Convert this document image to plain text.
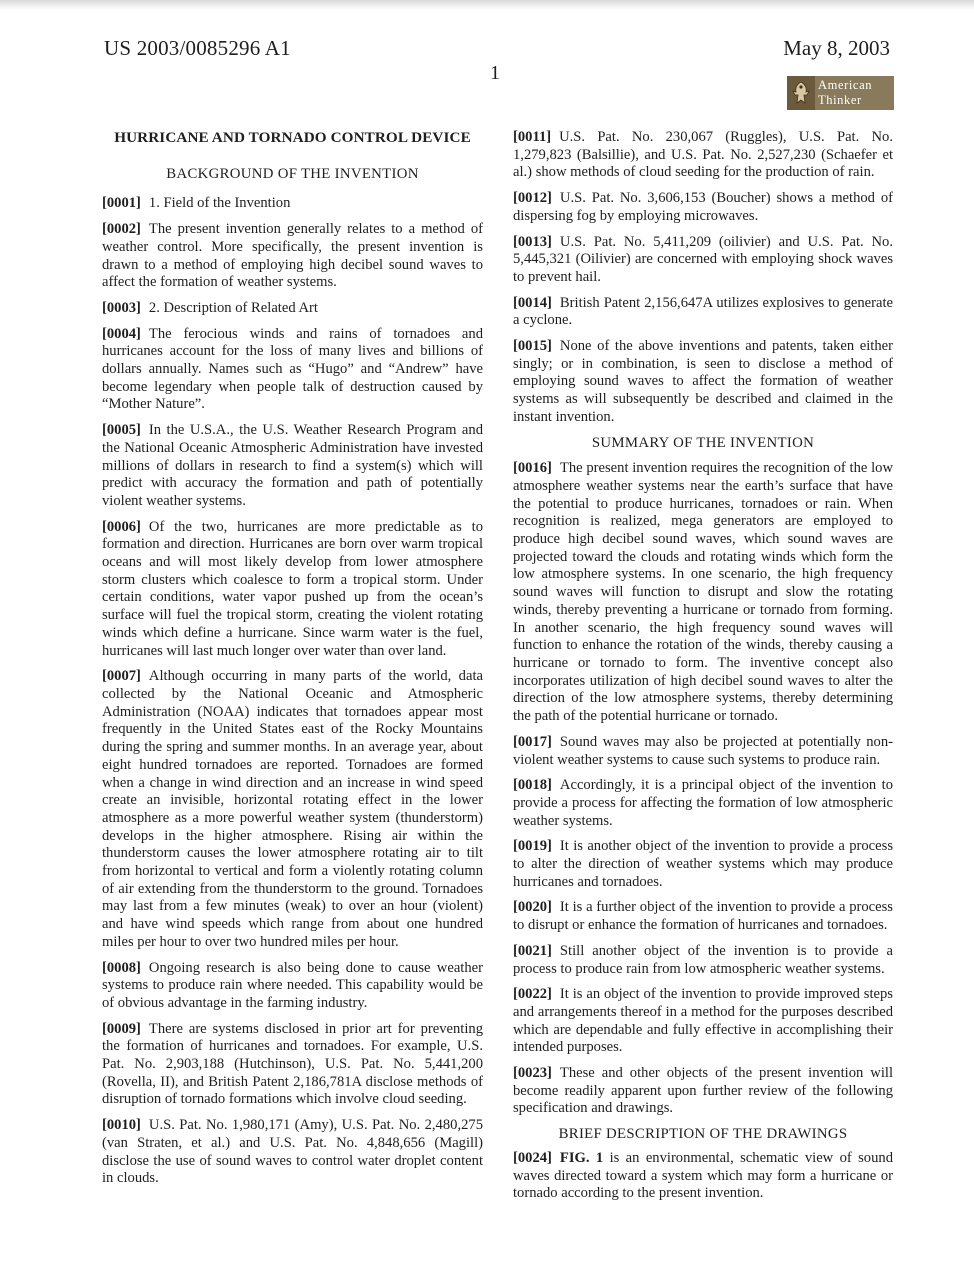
US 2003/0085296 A1	May 8, 2003
1
American
Thinker
HURRICANE AND TORNADO CONTROL DEVICE
BACKGROUND OF THE INVENTION

[0001] 1. Field of the Invention

[0002] The present invention generally relates to a method of weather control. More specifically, the present invention is drawn to a method of employing high decibel sound waves to affect the formation of weather systems.

[0003] 2. Description of Related Art

[0004] The ferocious winds and rains of tornadoes and hurricanes account for the loss of many lives and billions of dollars annually. Names such as “Hugo” and “Andrew” have become legendary when people talk of destruction caused by “Mother Nature”.

[0005] In the U.S.A., the U.S. Weather Research Program and the National Oceanic Atmospheric Administration have invested millions of dollars in research to find a system(s) which will predict with accuracy the formation and path of potentially violent weather systems.

[0006] Of the two, hurricanes are more predictable as to formation and direction. Hurricanes are born over warm tropical oceans and will most likely develop from lower atmosphere storm clusters which coalesce to form a tropical storm. Under certain conditions, water vapor pushed up from the ocean’s surface will fuel the tropical storm, creating the violent rotating winds which define a hurricane. Since warm water is the fuel, hurricanes will last much longer over water than over land.

[0007] Although occurring in many parts of the world, data collected by the National Oceanic and Atmospheric Administration (NOAA) indicates that tornadoes appear most frequently in the United States east of the Rocky Mountains during the spring and summer months. In an average year, about eight hundred tornadoes are reported. Tornadoes are formed when a change in wind direction and an increase in wind speed create an invisible, horizontal rotating effect in the lower atmosphere as a more powerful weather system (thunderstorm) develops in the higher atmosphere. Rising air within the thunderstorm causes the lower atmosphere rotating air to tilt from horizontal to vertical and form a violently rotating column of air extending from the thunderstorm to the ground. Tornadoes may last from a few minutes (weak) to over an hour (violent) and have wind speeds which range from about one hundred miles per hour to over two hundred miles per hour.

[0008] Ongoing research is also being done to cause weather systems to produce rain where needed. This capability would be of obvious advantage in the farming industry.

[0009] There are systems disclosed in prior art for preventing the formation of hurricanes and tornadoes. For example, U.S. Pat. No. 2,903,188 (Hutchinson), U.S. Pat. No. 5,441,200 (Rovella, II), and British Patent 2,186,781A disclose methods of disruption of tornado formations which involve cloud seeding.

[0010] U.S. Pat. No. 1,980,171 (Amy), U.S. Pat. No. 2,480,275 (van Straten, et al.) and U.S. Pat. No. 4,848,656 (Magill) disclose the use of sound waves to control water droplet content in clouds.

[0011] U.S. Pat. No. 230,067 (Ruggles), U.S. Pat. No. 1,279,823 (Balsillie), and U.S. Pat. No. 2,527,230 (Schaefer et al.) show methods of cloud seeding for the production of rain.

[0012] U.S. Pat. No. 3,606,153 (Boucher) shows a method of dispersing fog by employing microwaves.

[0013] U.S. Pat. No. 5,411,209 (oilivier) and U.S. Pat. No. 5,445,321 (Oilivier) are concerned with employing shock waves to prevent hail.

[0014] British Patent 2,156,647A utilizes explosives to generate a cyclone.

[0015] None of the above inventions and patents, taken either singly; or in combination, is seen to disclose a method of employing sound waves to affect the formation of weather systems as will subsequently be described and claimed in the instant invention.

SUMMARY OF THE INVENTION

[0016] The present invention requires the recognition of the low atmosphere weather systems near the earth’s surface that have the potential to produce hurricanes, tornadoes or rain. When recognition is realized, mega generators are employed to produce high decibel sound waves, which sound waves are projected toward the clouds and rotating winds which form the low atmosphere systems. In one scenario, the high frequency sound waves will function to disrupt and slow the rotating winds, thereby preventing a hurricane or tornado from forming. In another scenario, the high frequency sound waves will function to enhance the rotation of the winds, thereby causing a hurricane or tornado to form. The inventive concept also incorporates utilization of high decibel sound waves to alter the direction of the low atmosphere systems, thereby determining the path of the potential hurricane or tornado.

[0017] Sound waves may also be projected at potentially non-violent weather systems to cause such systems to produce rain.

[0018] Accordingly, it is a principal object of the invention to provide a process for affecting the formation of low atmospheric weather systems.

[0019] It is another object of the invention to provide a process to alter the direction of weather systems which may produce hurricanes and tornadoes.

[0020] It is a further object of the invention to provide a process to disrupt or enhance the formation of hurricanes and tornadoes.

[0021] Still another object of the invention is to provide a process to produce rain from low atmospheric weather systems.

[0022] It is an object of the invention to provide improved steps and arrangements thereof in a method for the purposes described which are dependable and fully effective in accomplishing their intended purposes.

[0023] These and other objects of the present invention will become readily apparent upon further review of the following specification and drawings.

BRIEF DESCRIPTION OF THE DRAWINGS

[0024] FIG. 1 is an environmental, schematic view of sound waves directed toward a system which may form a hurricane or tornado according to the present invention.
